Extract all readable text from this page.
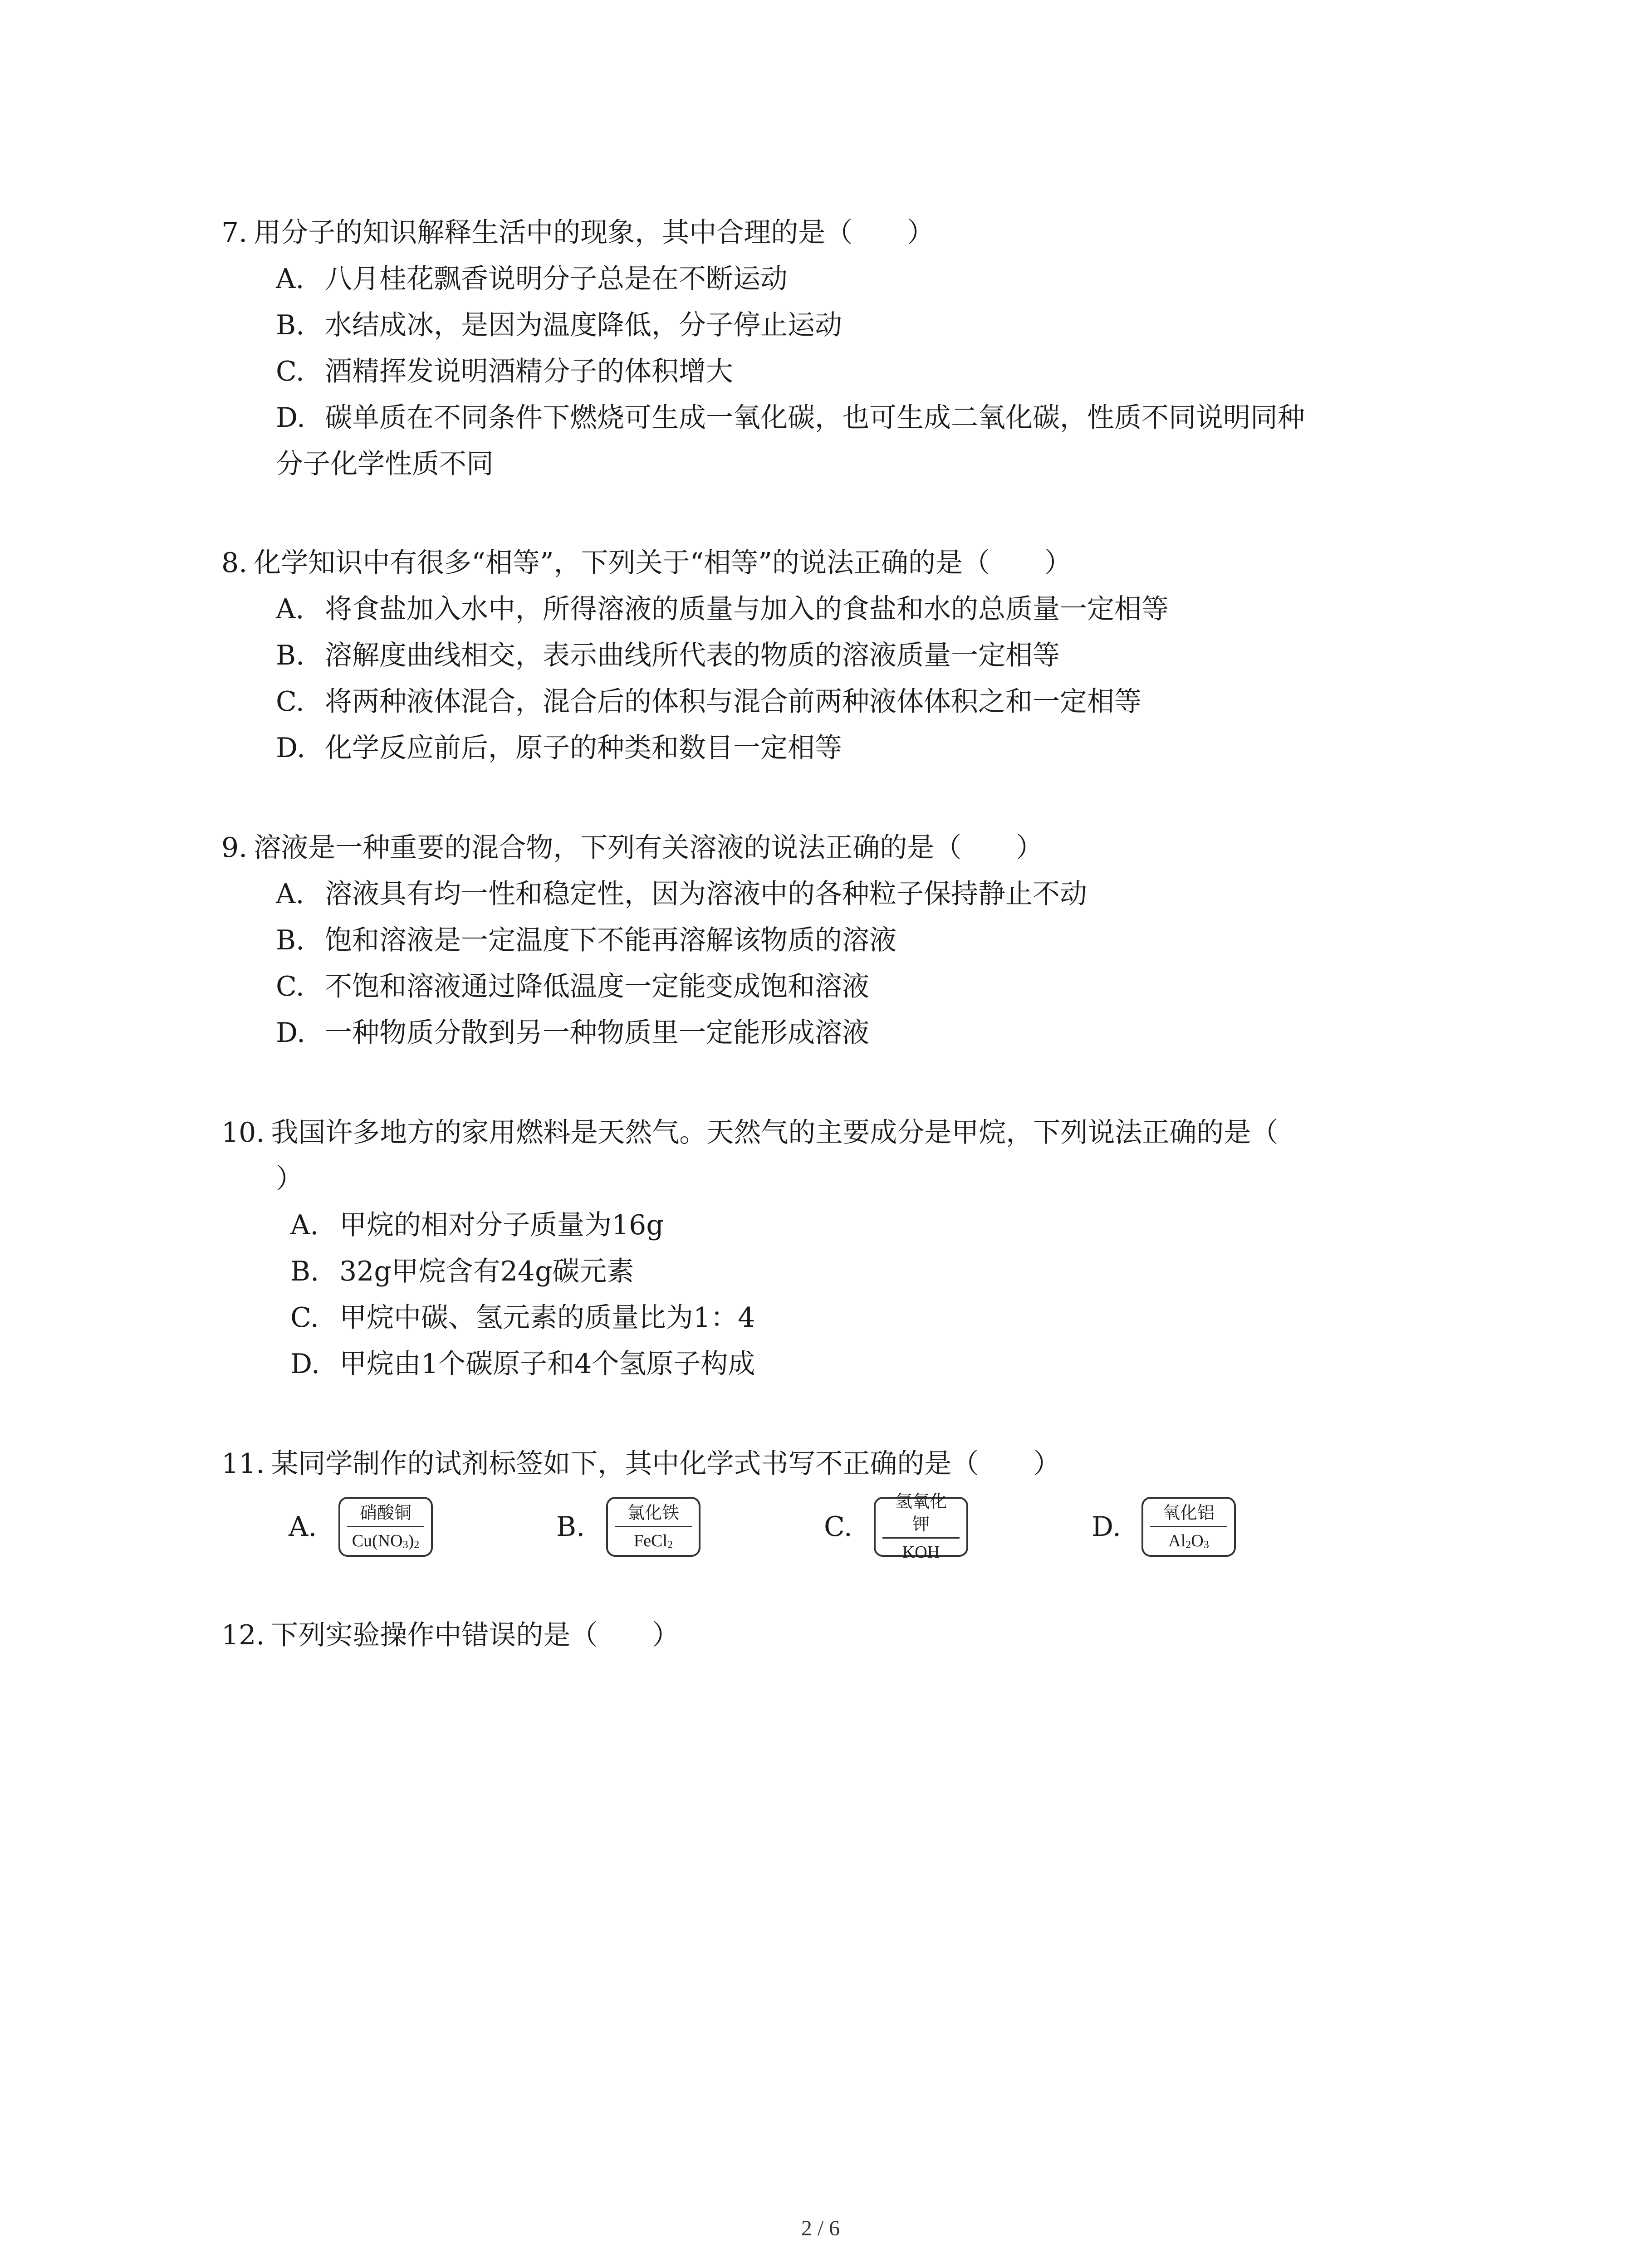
7. 用分子的知识解释生活中的现象，其中合理的是（　　）
A. 八月桂花飘香说明分子总是在不断运动
B. 水结成冰，是因为温度降低，分子停止运动
C. 酒精挥发说明酒精分子的体积增大
D. 碳单质在不同条件下燃烧可生成一氧化碳，也可生成二氧化碳，性质不同说明同种
分子化学性质不同
8. 化学知识中有很多“相等”，下列关于“相等”的说法正确的是（　　）
A. 将食盐加入水中，所得溶液的质量与加入的食盐和水的总质量一定相等
B. 溶解度曲线相交，表示曲线所代表的物质的溶液质量一定相等
C. 将两种液体混合，混合后的体积与混合前两种液体体积之和一定相等
D. 化学反应前后，原子的种类和数目一定相等
9. 溶液是一种重要的混合物，下列有关溶液的说法正确的是（　　）
A. 溶液具有均一性和稳定性，因为溶液中的各种粒子保持静止不动
B. 饱和溶液是一定温度下不能再溶解该物质的溶液
C. 不饱和溶液通过降低温度一定能变成饱和溶液
D. 一种物质分散到另一种物质里一定能形成溶液
10. 我国许多地方的家用燃料是天然气。天然气的主要成分是甲烷，下列说法正确的是（
）
A. 甲烷的相对分子质量为16g
B. 32g甲烷含有24g碳元素
C. 甲烷中碳、氢元素的质量比为1：4
D. 甲烷由1个碳原子和4个氢原子构成
11. 某同学制作的试剂标签如下，其中化学式书写不正确的是（　　）
A.	硝酸铜
$Cu(NO_3)_2$
B.	氯化铁
FeCl$_2$
C.
氢氧化钾
KOH
D.	氧化铝
$Al_2O_3$
12. 下列实验操作中错误的是（　　）
2 / 6
